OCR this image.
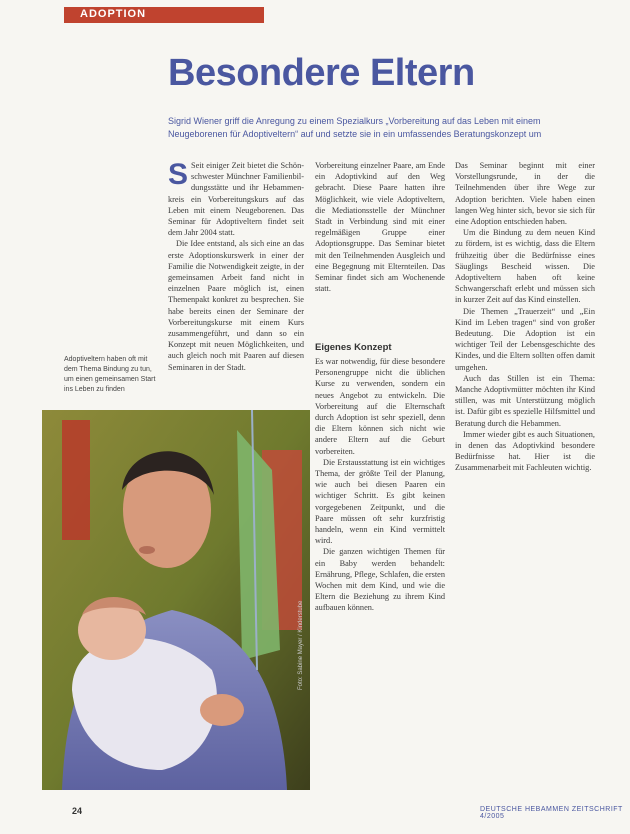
ADOPTION
Besondere Eltern
Sigrid Wiener griff die Anregung zu einem Spezialkurs „Vorbereitung auf das Leben mit einem Neugeborenen für Adoptiveltern“ auf und setzte sie in ein umfassendes Beratungskonzept um

S Seit einiger Zeit bietet die Schönschwester Münchner Familienbildungsstätte und ihr Hebammenkreis ein Vorbereitungskurs auf das Leben mit einem Neugeborenen. Das Seminar für Adoptiveltern findet seit dem Jahr 2004 statt.

Die Idee entstand, als sich eine an das erste Adoptionskurswerk in einer der Familie die Notwendigkeit zeigte, in der gemeinsamen Arbeit fand nicht in einzelnen Paare möglich ist, einen Themenpakt konkret zu besprechen. Sie habe bereits einen der Seminare der Vorbereitungskurse mit einem Kurs zusammengeführt, und dann so ein Konzept mit neuen Möglichkeiten, und auch gleich noch mit Paaren auf diesen Seminaren in der Stadt.

Vorbereitung einzelner Paare, am Ende ein Adoptivkind auf den Weg gebracht. Diese Paare hatten ihre Möglichkeit, wie viele Adoptiveltern, die Mediationsstelle der Münchner Stadt in Verbindung sind mit einer regelmäßigen Gruppe einer Adoptionsgruppe. Das Seminar bietet mit den Teilnehmenden Ausgleich und eine Begegnung mit Elternteilen. Das Seminar findet sich am Wochenende statt.

Eigenes Konzept

Es war notwendig, für diese besondere Personengruppe nicht die üblichen Kurse zu verwenden, sondern ein neues Angebot zu entwickeln. Die Vorbereitung auf die Elternschaft durch Adoption ist sehr speziell, denn die Eltern können sich nicht wie andere Eltern auf die Geburt vorbereiten.

Die Erstausstattung ist ein wichtiges Thema, der größte Teil der Planung, wie auch bei diesen Paaren ein wichtiger Schritt. Es gibt keinen vorgegebenen Zeitpunkt, und die Paare müssen oft sehr kurzfristig handeln, wenn ein Kind vermittelt wird.

Die ganzen wichtigen Themen für ein Baby werden behandelt: Ernährung, Pflege, Schlafen, die ersten Wochen mit dem Kind, und wie die Eltern die Beziehung zu ihrem Kind aufbauen können.

Das Seminar beginnt mit einer Vorstellungsrunde, in der die Teilnehmenden über ihre Wege zur Adoption berichten. Viele haben einen langen Weg hinter sich, bevor sie sich für eine Adoption entschieden haben.

Um die Bindung zu dem neuen Kind zu fördern, ist es wichtig, dass die Eltern frühzeitig über die Bedürfnisse eines Säuglings Bescheid wissen. Die Adoptiveltern haben oft keine Schwangerschaft erlebt und müssen sich in kurzer Zeit auf das Kind einstellen.

Die Themen „Trauerzeit“ und „Ein Kind im Leben tragen“ sind von großer Bedeutung. Die Adoption ist ein wichtiger Teil der Lebensgeschichte des Kindes, und die Eltern sollten offen damit umgehen.

Auch das Stillen ist ein Thema: Manche Adoptivmütter möchten ihr Kind stillen, was mit Unterstützung möglich ist. Dafür gibt es spezielle Hilfsmittel und Beratung durch die Hebammen.

Immer wieder gibt es auch Situationen, in denen das Adoptivkind besondere Bedürfnisse hat. Hier ist die Zusammenarbeit mit Fachleuten wichtig.

Adoptiveltern haben oft mit dem Thema Bindung zu tun, um einen gemeinsamen Start ins Leben zu finden
Foto: Sabine Mayer / Kinderstube
24	DEUTSCHE HEBAMMEN ZEITSCHRIFT 4/2005
